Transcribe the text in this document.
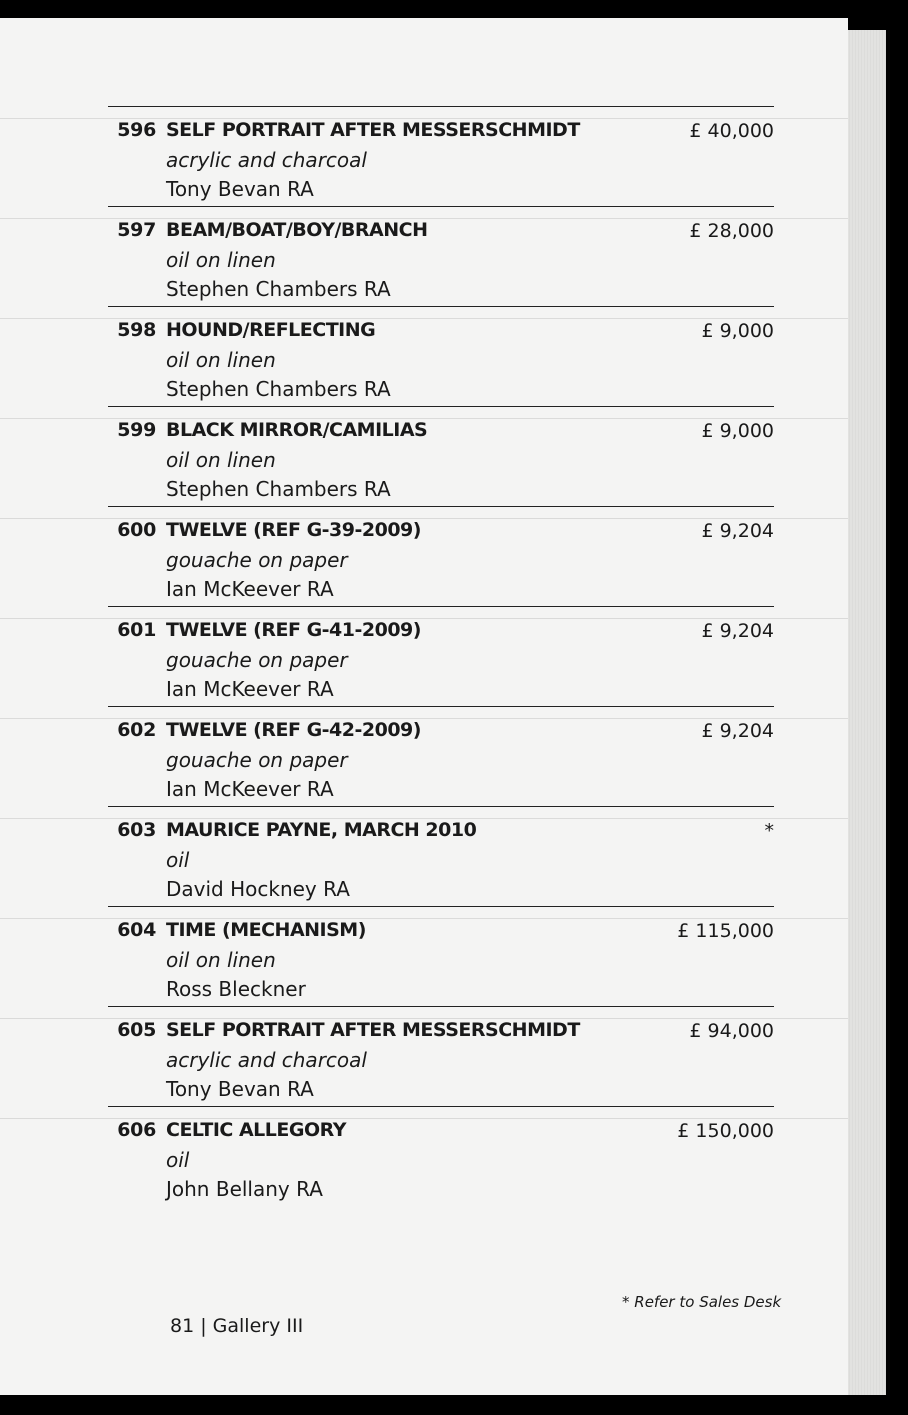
596 SELF PORTRAIT AFTER MESSERSCHMIDT
acrylic and charcoal
Tony Bevan RA
£ 40,000
597 BEAM/BOAT/BOY/BRANCH
oil on linen
Stephen Chambers RA
£ 28,000
598 HOUND/REFLECTING
oil on linen
Stephen Chambers RA
£ 9,000
599 BLACK MIRROR/CAMILIAS
oil on linen
Stephen Chambers RA
£ 9,000
600 TWELVE (REF G-39-2009)
gouache on paper
Ian McKeever RA
£ 9,204
601 TWELVE (REF G-41-2009)
gouache on paper
Ian McKeever RA
£ 9,204
602 TWELVE (REF G-42-2009)
gouache on paper
Ian McKeever RA
£ 9,204
603 MAURICE PAYNE, MARCH 2010
oil
David Hockney RA
*
604 TIME (MECHANISM)
oil on linen
Ross Bleckner
£ 115,000
605 SELF PORTRAIT AFTER MESSERSCHMIDT
acrylic and charcoal
Tony Bevan RA
£ 94,000
606 CELTIC ALLEGORY
oil
John Bellany RA
£ 150,000
* Refer to Sales Desk
81 | Gallery III
